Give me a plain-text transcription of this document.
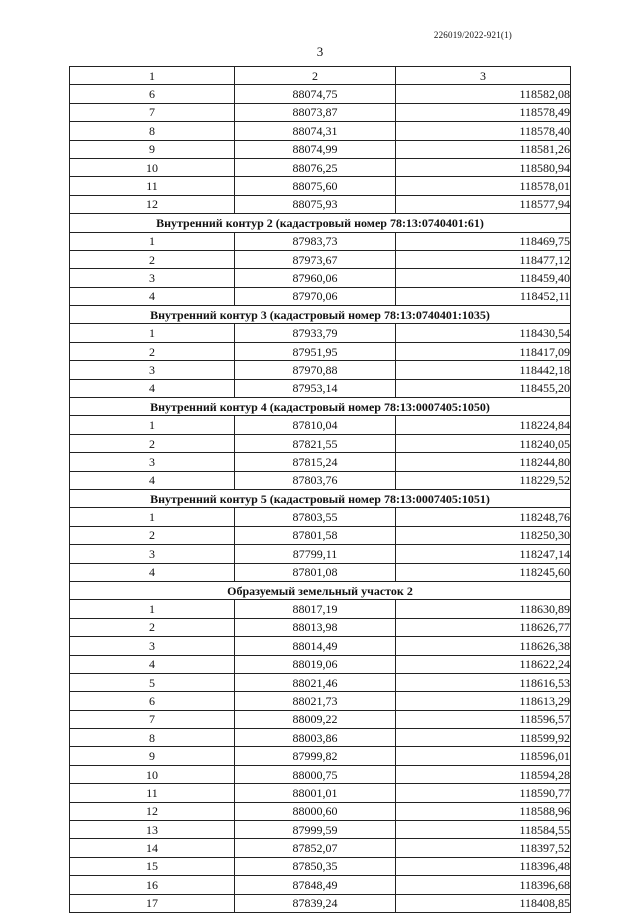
226019/2022-921(1)
3
1	2	3
6	88074,75	118582,08
7	88073,87	118578,49
8	88074,31	118578,40
9	88074,99	118581,26
10	88076,25	118580,94
11	88075,60	118578,01
12	88075,93	118577,94
Внутренний контур 2 (кадастровый номер 78:13:0740401:61)		
1	87983,73	118469,75
2	87973,67	118477,12
3	87960,06	118459,40
4	87970,06	118452,11
Внутренний контур 3 (кадастровый номер 78:13:0740401:1035)		
1	87933,79	118430,54
2	87951,95	118417,09
3	87970,88	118442,18
4	87953,14	118455,20
Внутренний контур 4 (кадастровый номер 78:13:0007405:1050)		
1	87810,04	118224,84
2	87821,55	118240,05
3	87815,24	118244,80
4	87803,76	118229,52
Внутренний контур 5 (кадастровый номер 78:13:0007405:1051)		
1	87803,55	118248,76
2	87801,58	118250,30
3	87799,11	118247,14
4	87801,08	118245,60
Образуемый земельный участок 2		
1	88017,19	118630,89
2	88013,98	118626,77
3	88014,49	118626,38
4	88019,06	118622,24
5	88021,46	118616,53
6	88021,73	118613,29
7	88009,22	118596,57
8	88003,86	118599,92
9	87999,82	118596,01
10	88000,75	118594,28
11	88001,01	118590,77
12	88000,60	118588,96
13	87999,59	118584,55
14	87852,07	118397,52
15	87850,35	118396,48
16	87848,49	118396,68
17	87839,24	118408,85
